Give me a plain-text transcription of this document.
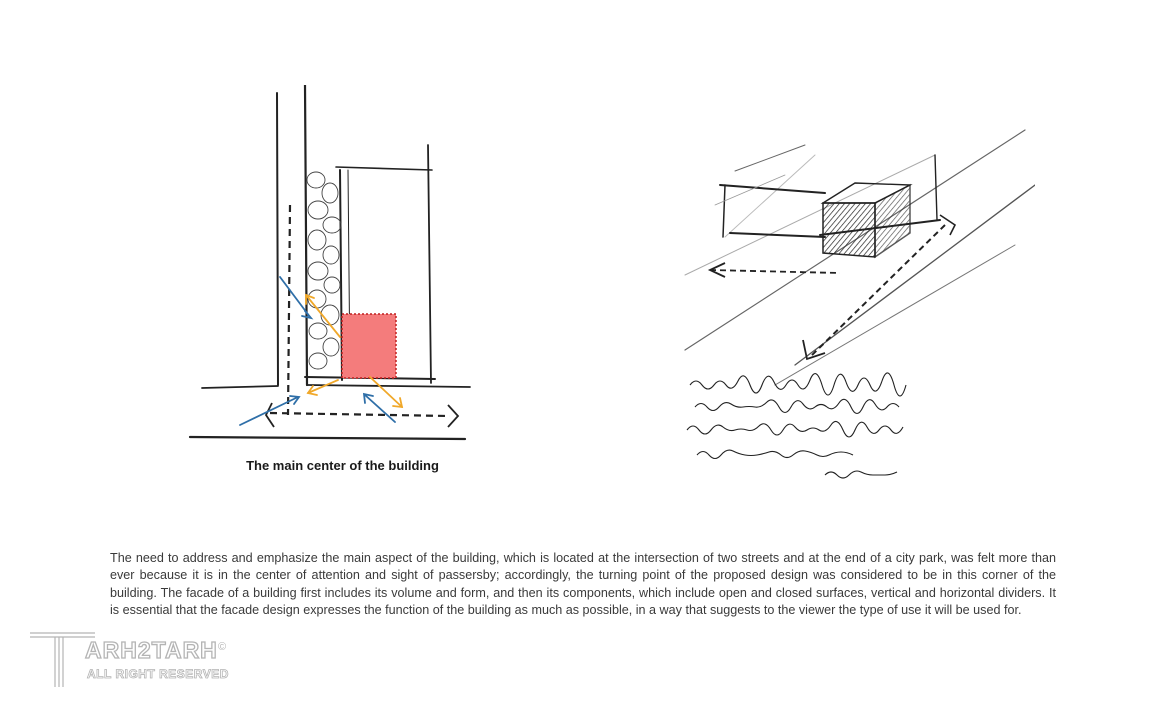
The main center of the building
The need to address and emphasize the main aspect of the building, which is located at the intersection of two streets and at the end of a city park, was felt more than ever because it is in the center of attention and sight of passersby; accordingly, the turning point of the proposed design was considered to be in this corner of the building. The facade of a building first includes its volume and form, and then its components, which include open and closed surfaces, vertical and horizontal dividers. It is essential that the facade design expresses the function of the building as much as possible, in a way that suggests to the viewer the type of use it will be used for.
ARH2TARH
ALL RIGHT RESERVED
©
